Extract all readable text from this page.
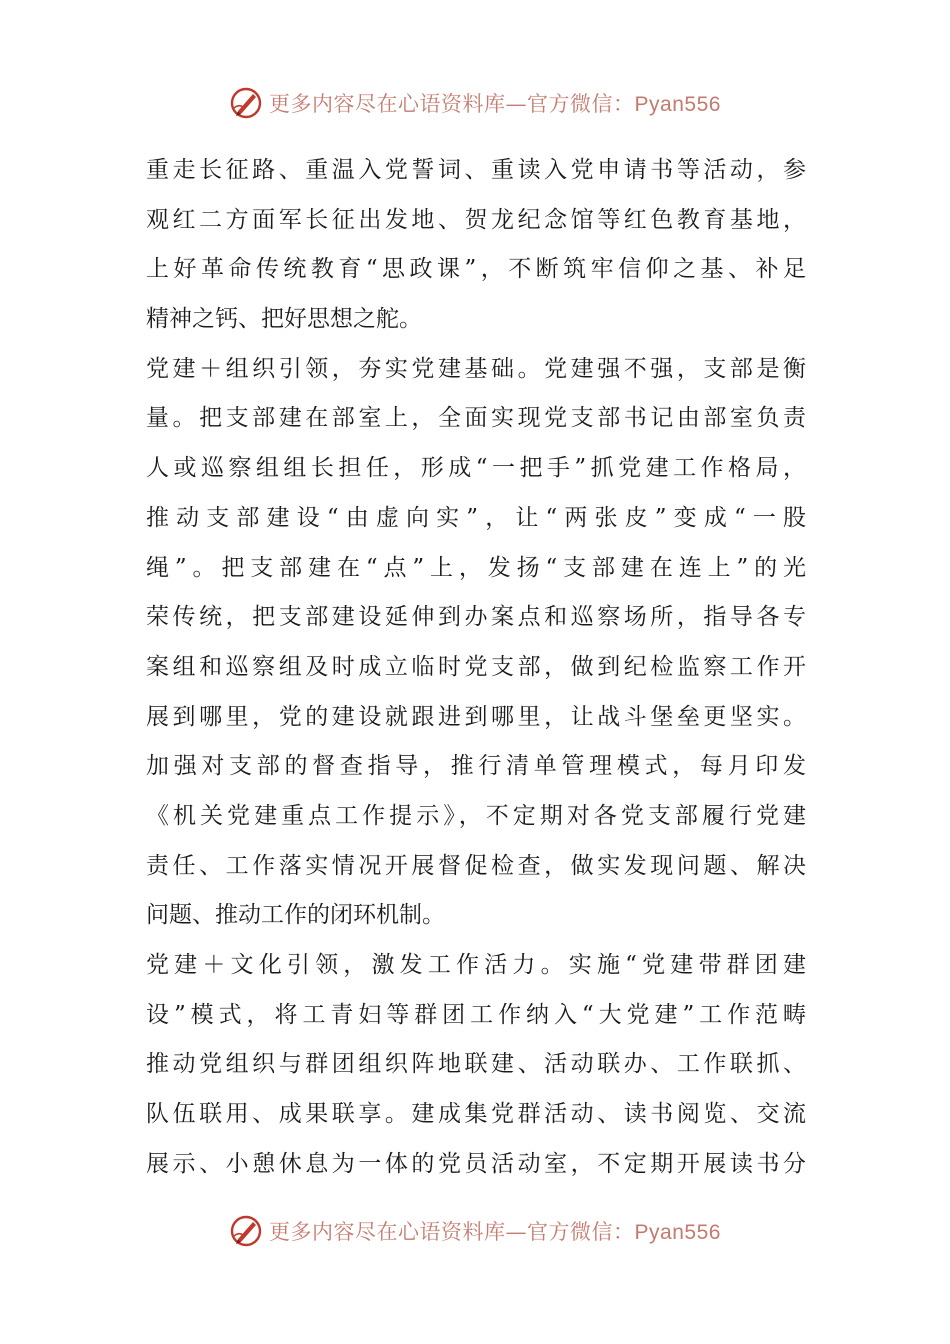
更多内容尽在心语资料库—官方微信：Pyan556
重走长征路、重温入党誓词、重读入党申请书等活动，参
观红二方面军长征出发地、贺龙纪念馆等红色教育基地，
上好革命传统教育“思政课”，不断筑牢信仰之基、补足
精神之钙、把好思想之舵。
党建＋组织引领，夯实党建基础。党建强不强，支部是衡
量。把支部建在部室上，全面实现党支部书记由部室负责
人或巡察组组长担任，形成“一把手”抓党建工作格局，
推动支部建设“由虚向实”，让“两张皮”变成“一股
绳”。把支部建在“点”上，发扬“支部建在连上”的光
荣传统，把支部建设延伸到办案点和巡察场所，指导各专
案组和巡察组及时成立临时党支部，做到纪检监察工作开
展到哪里，党的建设就跟进到哪里，让战斗堡垒更坚实。
加强对支部的督查指导，推行清单管理模式，每月印发
《机关党建重点工作提示》，不定期对各党支部履行党建
责任、工作落实情况开展督促检查，做实发现问题、解决
问题、推动工作的闭环机制。
党建＋文化引领，激发工作活力。实施“党建带群团建
设”模式，将工青妇等群团工作纳入“大党建”工作范畴
推动党组织与群团组织阵地联建、活动联办、工作联抓、
队伍联用、成果联享。建成集党群活动、读书阅览、交流
展示、小憩休息为一体的党员活动室，不定期开展读书分
更多内容尽在心语资料库—官方微信：Pyan556
